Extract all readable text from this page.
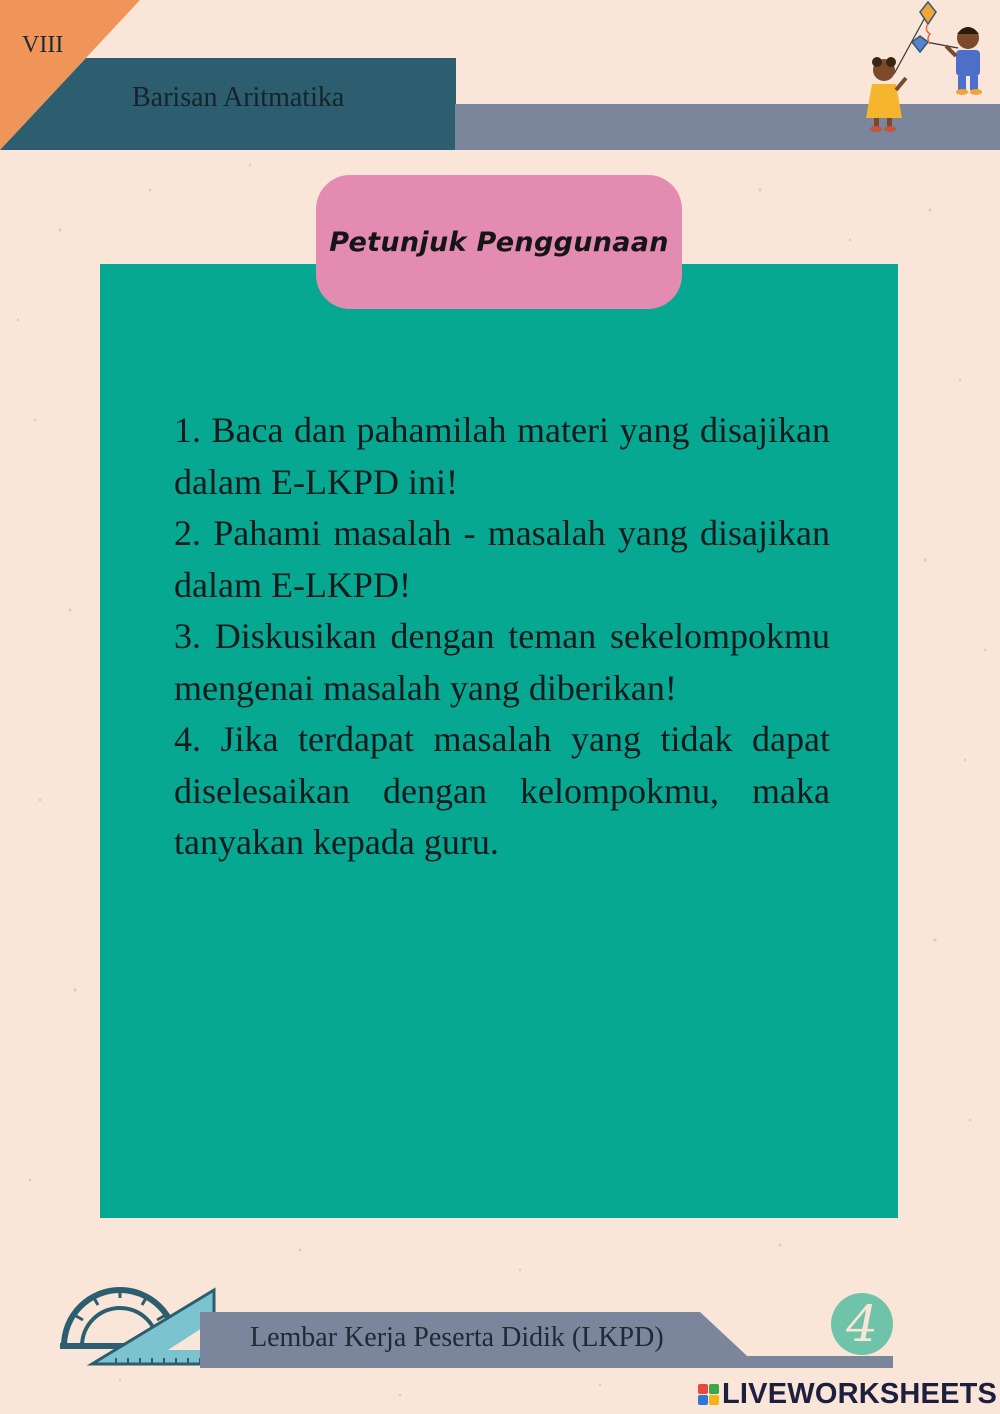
VIII
Barisan Aritmatika
Petunjuk Penggunaan
1. Baca dan pahamilah materi yang disajikan dalam E-LKPD ini!
2. Pahami masalah - masalah yang disajikan dalam E-LKPD!
3. Diskusikan dengan teman sekelompokmu mengenai masalah yang diberikan!
4. Jika terdapat masalah yang tidak dapat diselesaikan dengan kelompokmu, maka tanyakan kepada guru.
Lembar Kerja Peserta Didik (LKPD)	4
LIVEWORKSHEETS
